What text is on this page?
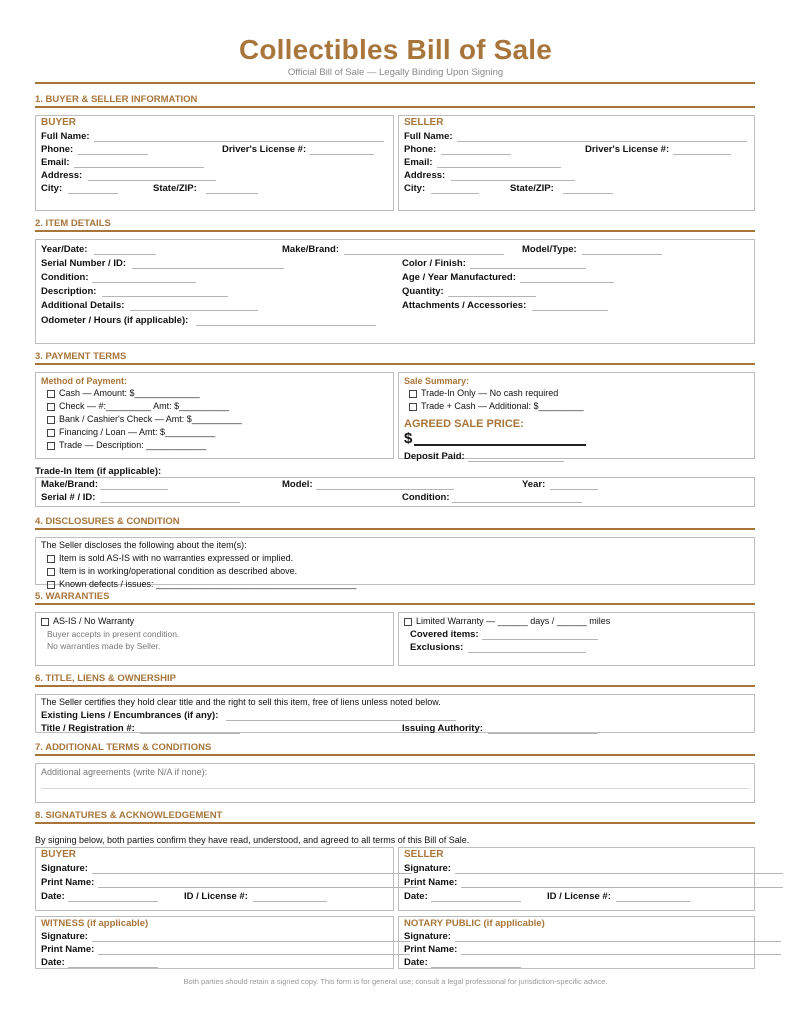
Collectibles Bill of Sale
Official Bill of Sale — Legally Binding Upon Signing
1. BUYER & SELLER INFORMATION
BUYER
Full Name:
Phone:	Driver's License #:
Email:
Address:
City:	State/ZIP:
SELLER
Full Name:
Phone:	Driver's License #:
Email:
Address:
City:	State/ZIP:
2. ITEM DETAILS
Year/Date:	Make/Brand:	Model/Type:
Serial Number / ID:	Color / Finish:
Condition:	Age / Year Manufactured:
Description:	Quantity:
Additional Details:	Attachments / Accessories:
Odometer / Hours (if applicable):
3. PAYMENT TERMS
Method of Payment:
Cash — Amount: $_____________
Check — #:_________ Amt: $__________
Bank / Cashier's Check — Amt: $__________
Financing / Loan — Amt: $__________
Trade — Description: ____________
Sale Summary:
Trade-In Only — No cash required
Trade + Cash — Additional: $_________
AGREED SALE PRICE:
$
Deposit Paid:
Trade-In Item (if applicable):
Make/Brand:	Model:	Year:
Serial # / ID:	Condition:
4. DISCLOSURES & CONDITION
The Seller discloses the following about the item(s):
Item is sold AS-IS with no warranties expressed or implied.
Item is in working/operational condition as described above.
Known defects / issues: ________________________________________
5. WARRANTIES
AS-IS / No Warranty
Buyer accepts in present condition.
No warranties made by Seller.
Limited Warranty — ______ days / ______ miles
Covered items:
Exclusions:
6. TITLE, LIENS & OWNERSHIP
The Seller certifies they hold clear title and the right to sell this item, free of liens unless noted below.
Existing Liens / Encumbrances (if any):
Title / Registration #:	Issuing Authority:
7. ADDITIONAL TERMS & CONDITIONS
Additional agreements (write N/A if none):
8. SIGNATURES & ACKNOWLEDGEMENT
By signing below, both parties confirm they have read, understood, and agreed to all terms of this Bill of Sale.
BUYER
Signature:
Print Name:
Date:	ID / License #:
SELLER
Signature:
Print Name:
Date:	ID / License #:
WITNESS (if applicable)
Signature:
Print Name:
Date:
NOTARY PUBLIC (if applicable)
Signature:
Print Name:
Date:
Both parties should retain a signed copy. This form is for general use; consult a legal professional for jurisdiction-specific advice.
